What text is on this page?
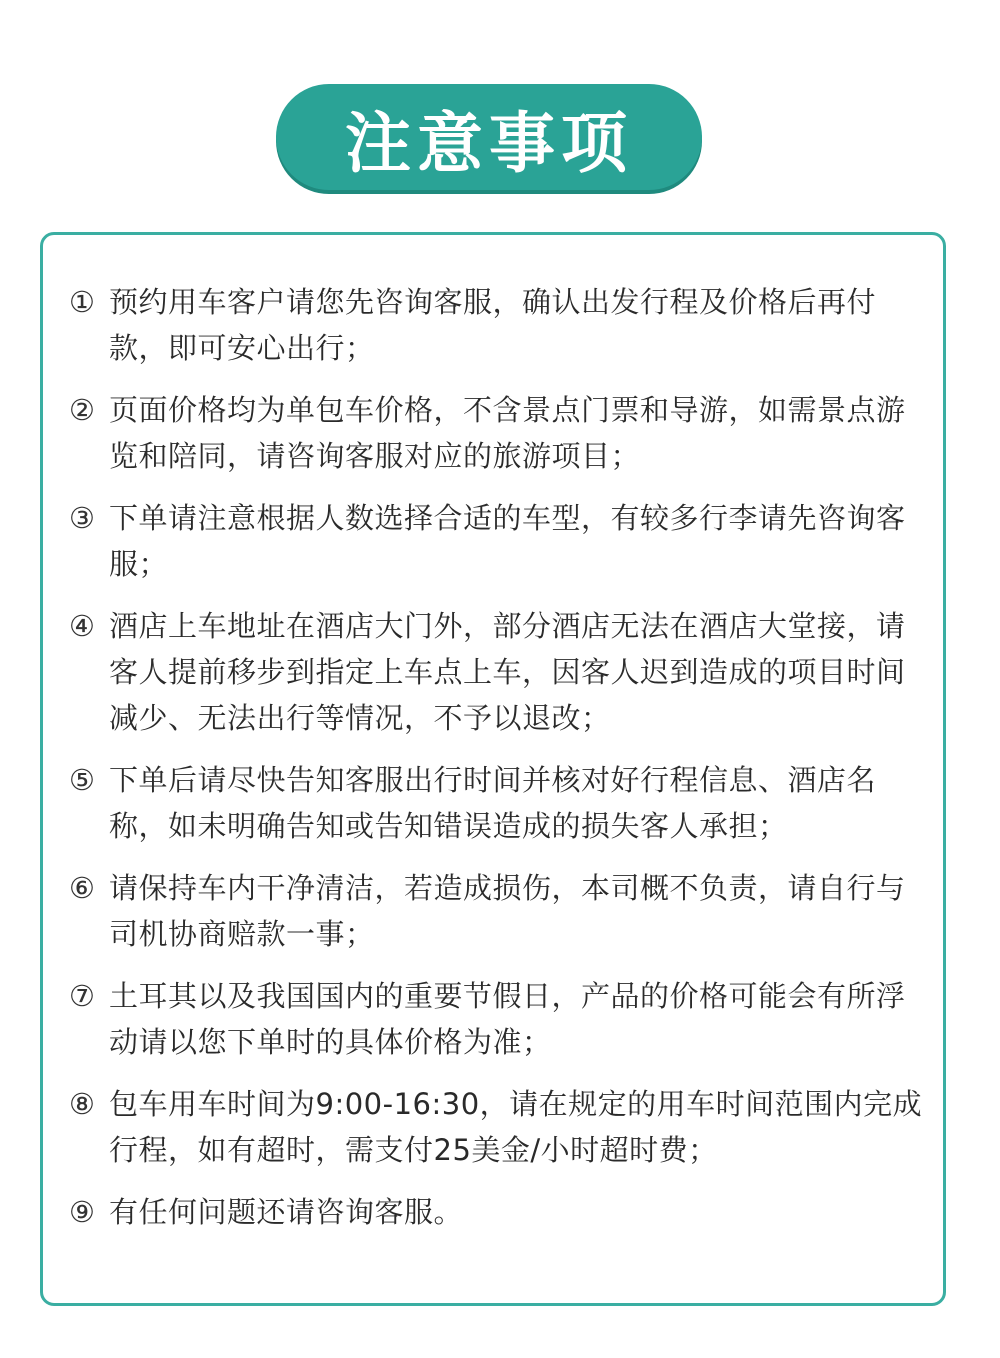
注意事项
① 预约用车客户请您先咨询客服，确认出发行程及价格后再付款，即可安心出行；
② 页面价格均为单包车价格，不含景点门票和导游，如需景点游览和陪同，请咨询客服对应的旅游项目；
③ 下单请注意根据人数选择合适的车型，有较多行李请先咨询客服；
④ 酒店上车地址在酒店大门外，部分酒店无法在酒店大堂接，请客人提前移步到指定上车点上车，因客人迟到造成的项目时间减少、无法出行等情况，不予以退改；
⑤ 下单后请尽快告知客服出行时间并核对好行程信息、酒店名称，如未明确告知或告知错误造成的损失客人承担；
⑥ 请保持车内干净清洁，若造成损伤，本司概不负责，请自行与司机协商赔款一事；
⑦ 土耳其以及我国国内的重要节假日，产品的价格可能会有所浮动请以您下单时的具体价格为准；
⑧ 包车用车时间为9:00-16:30，请在规定的用车时间范围内完成行程，如有超时，需支付25美金/小时超时费；
⑨ 有任何问题还请咨询客服。
